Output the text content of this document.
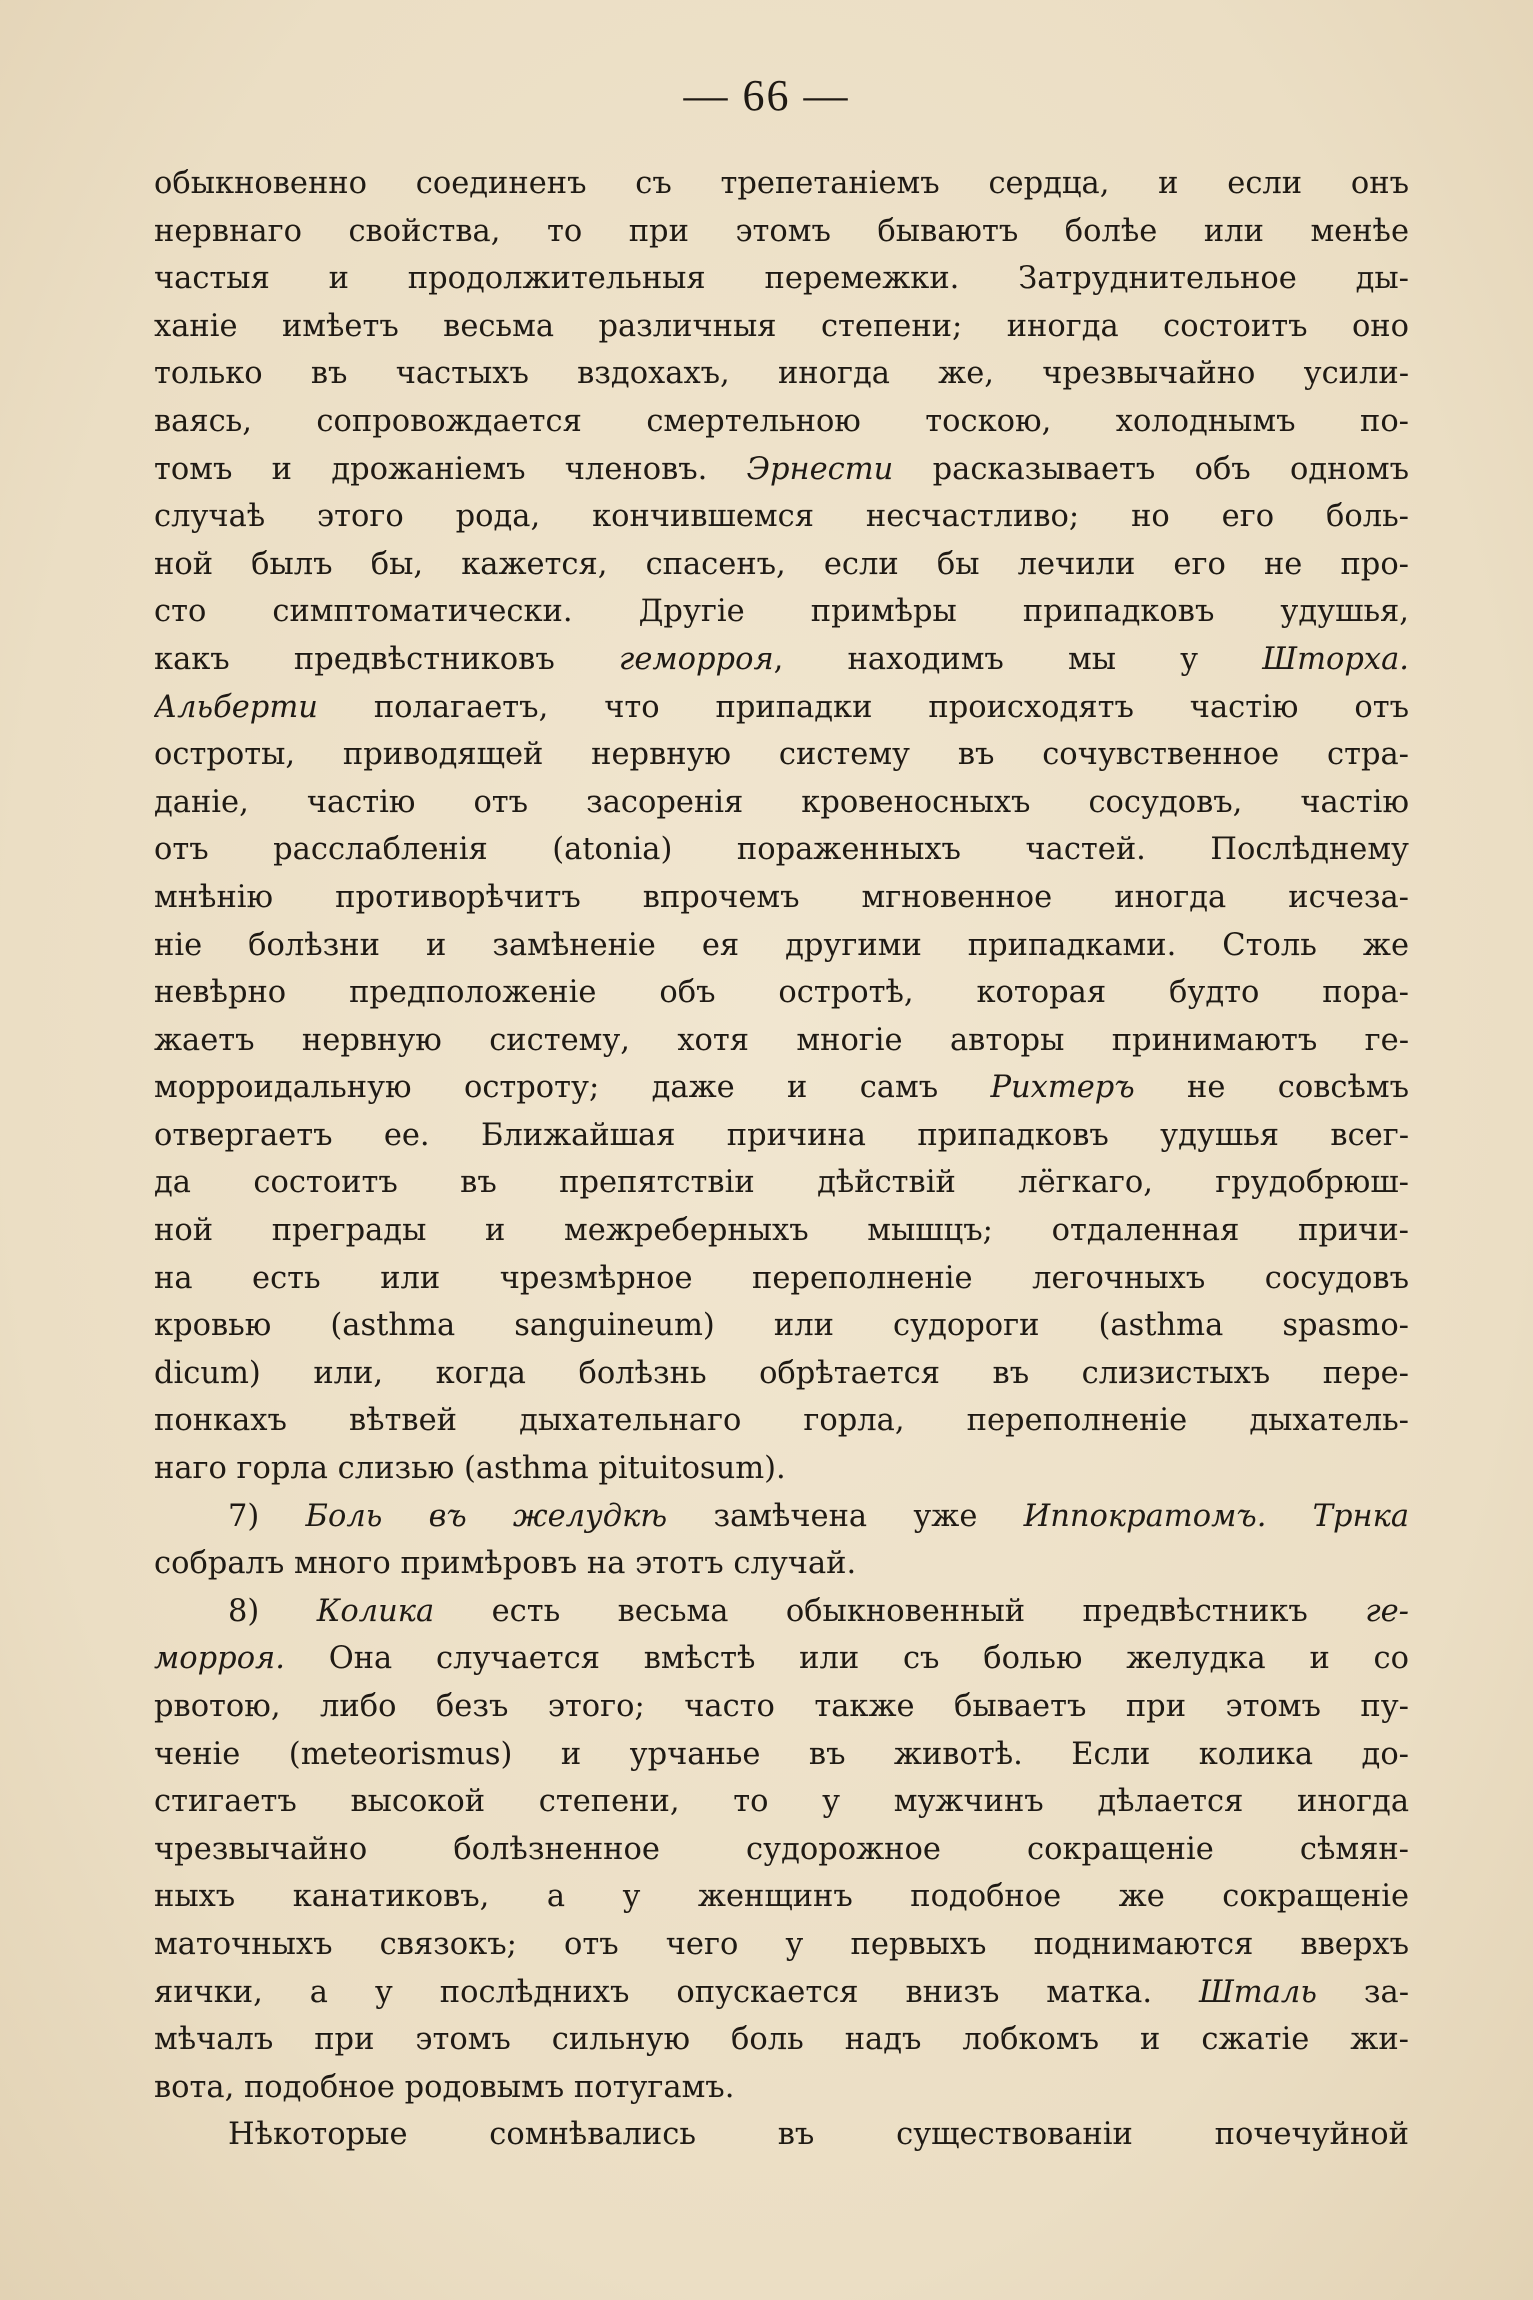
— 66 —
обыкновенно соединенъ съ трепетаніемъ сердца, и если онъ
нервнаго свойства, то при этомъ бываютъ болѣе или менѣе
частыя и продолжительныя перемежки. Затруднительное ды-
ханіе имѣетъ весьма различныя степени; иногда состоитъ оно
только въ частыхъ вздохахъ, иногда же, чрезвычайно усили-
ваясь, сопровождается смертельною тоскою, холоднымъ по-
томъ и дрожаніемъ членовъ. Эрнести расказываетъ объ одномъ
случаѣ этого рода, кончившемся несчастливо; но его боль-
ной былъ бы, кажется, спасенъ, если бы лечили его не про-
сто симптоматически. Другіе примѣры припадковъ удушья,
какъ предвѣстниковъ геморроя, находимъ мы у Шторха.
Альберти полагаетъ, что припадки происходятъ частію отъ
остроты, приводящей нервную систему въ сочувственное стра-
даніе, частію отъ засоренія кровеносныхъ сосудовъ, частію
отъ расслабленія (atonia) пораженныхъ частей. Послѣднему
мнѣнію противорѣчитъ впрочемъ мгновенное иногда исчеза-
ніе болѣзни и замѣненіе ея другими припадками. Столь же
невѣрно предположеніе объ остротѣ, которая будто пора-
жаетъ нервную систему, хотя многіе авторы принимаютъ ге-
морроидальную остроту; даже и самъ Рихтеръ не совсѣмъ
отвергаетъ ее. Ближайшая причина припадковъ удушья всег-
да состоитъ въ препятствіи дѣйствій лёгкаго, грудобрюш-
ной преграды и межреберныхъ мышцъ; отдаленная причи-
на есть или чрезмѣрное переполненіе легочныхъ сосудовъ
кровью (asthma sanguineum) или судороги (asthma spasmo-
dicum) или, когда болѣзнь обрѣтается въ слизистыхъ пере-
понкахъ вѣтвей дыхательнаго горла, переполненіе дыхатель-
наго горла слизью (asthma pituitosum).
7) Боль въ желудкѣ замѣчена уже Иппократомъ. Трнка
собралъ много примѣровъ на этотъ случай.
8) Колика есть весьма обыкновенный предвѣстникъ ге-
морроя. Она случается вмѣстѣ или съ болью желудка и со
рвотою, либо безъ этого; часто также бываетъ при этомъ пу-
ченіе (meteorismus) и урчанье въ животѣ. Если колика до-
стигаетъ высокой степени, то у мужчинъ дѣлается иногда
чрезвычайно болѣзненное судорожное сокращеніе сѣмян-
ныхъ канатиковъ, а у женщинъ подобное же сокращеніе
маточныхъ связокъ; отъ чего у первыхъ поднимаются вверхъ
яички, а у послѣднихъ опускается внизъ матка. Шталь за-
мѣчалъ при этомъ сильную боль надъ лобкомъ и сжатіе жи-
вота, подобное родовымъ потугамъ.
Нѣкоторые сомнѣвались въ существованіи почечуйной
